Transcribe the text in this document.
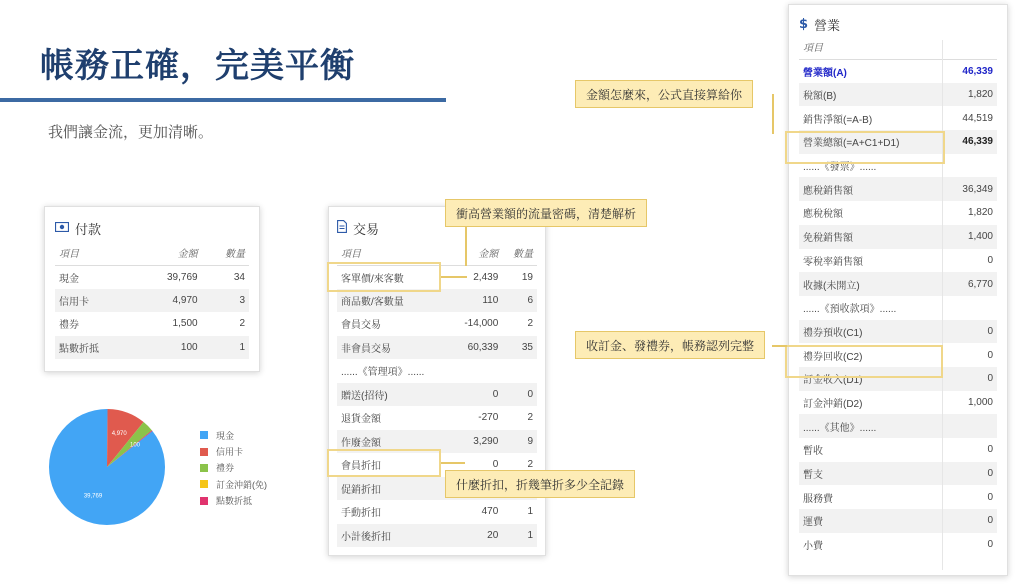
帳務正確，完美平衡
我們讓金流，更加清晰。
付款
項目	金額	數量
現金	39,769	34
信用卡	4,970	3
禮券	1,500	2
點數折抵	100	1
39,769
4,970
100
現金
信用卡
禮券
訂金沖銷(免)
點數折抵
交易
項目	金額	數量
客單價/來客數	2,439	19
商品數/客數量	110	6
會員交易	-14,000	2
非會員交易	60,339	35
......《管理項》......		
贈送(招待)	0	0
退貨金額	-270	2
作廢金額	3,290	9
會員折扣	0	2
促銷折扣		
手動折扣	470	1
小計後折扣	20	1
$ 營業
項目	
營業額(A)	46,339
稅額(B)	1,820
銷售淨額(=A-B)	44,519
營業總額(=A+C1+D1)	46,339
......《發票》......	
應稅銷售額	36,349
應稅稅額	1,820
免稅銷售額	1,400
零稅率銷售額	0
收據(未開立)	6,770
......《預收款項》......	
禮券預收(C1)	0
禮券回收(C2)	0
訂金收入(D1)	0
訂金沖銷(D2)	1,000
......《其他》......	
暫收	0
暫支	0
服務費	0
運費	0
小費	0
金額怎麼來，公式直接算給你
衝高營業額的流量密碼，清楚解析
收訂金、發禮券，帳務認列完整
什麼折扣，折幾筆折多少全記錄
